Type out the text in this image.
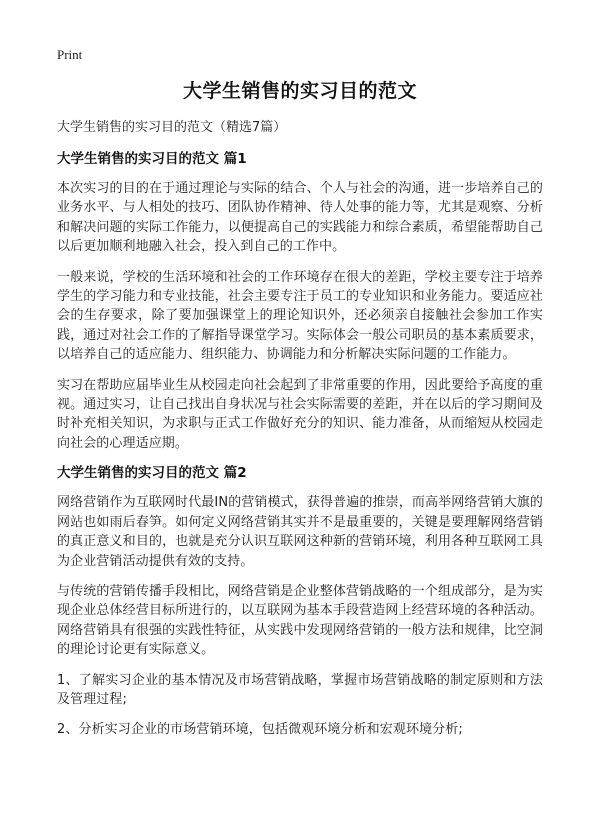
Print
大学生销售的实习目的范文

大学生销售的实习目的范文（精选7篇）

大学生销售的实习目的范文 篇1

本次实习的目的在于通过理论与实际的结合、个人与社会的沟通，进一步培养自己的业务水平、与人相处的技巧、团队协作精神、待人处事的能力等，尤其是观察、分析和解决问题的实际工作能力，以便提高自己的实践能力和综合素质，希望能帮助自己以后更加顺利地融入社会，投入到自己的工作中。

一般来说，学校的生活环境和社会的工作环境存在很大的差距，学校主要专注于培养学生的学习能力和专业技能，社会主要专注于员工的专业知识和业务能力。要适应社会的生存要求，除了要加强课堂上的理论知识外，还必须亲自接触社会参加工作实践，通过对社会工作的了解指导课堂学习。实际体会一般公司职员的基本素质要求，以培养自己的适应能力、组织能力、协调能力和分析解决实际问题的工作能力。

实习在帮助应届毕业生从校园走向社会起到了非常重要的作用，因此要给予高度的重视。通过实习，让自己找出自身状况与社会实际需要的差距，并在以后的学习期间及时补充相关知识，为求职与正式工作做好充分的知识、能力准备，从而缩短从校园走向社会的心理适应期。

大学生销售的实习目的范文 篇2

网络营销作为互联网时代最IN的营销模式，获得普遍的推崇，而高举网络营销大旗的网站也如雨后春笋。如何定义网络营销其实并不是最重要的，关键是要理解网络营销的真正意义和目的，也就是充分认识互联网这种新的营销环境，利用各种互联网工具为企业营销活动提供有效的支持。

与传统的营销传播手段相比，网络营销是企业整体营销战略的一个组成部分，是为实现企业总体经营目标所进行的，以互联网为基本手段营造网上经营环境的各种活动。网络营销具有很强的实践性特征，从实践中发现网络营销的一般方法和规律，比空洞的理论讨论更有实际意义。

1、了解实习企业的基本情况及市场营销战略，掌握市场营销战略的制定原则和方法及管理过程;

2、分析实习企业的市场营销环境，包括微观环境分析和宏观环境分析;
